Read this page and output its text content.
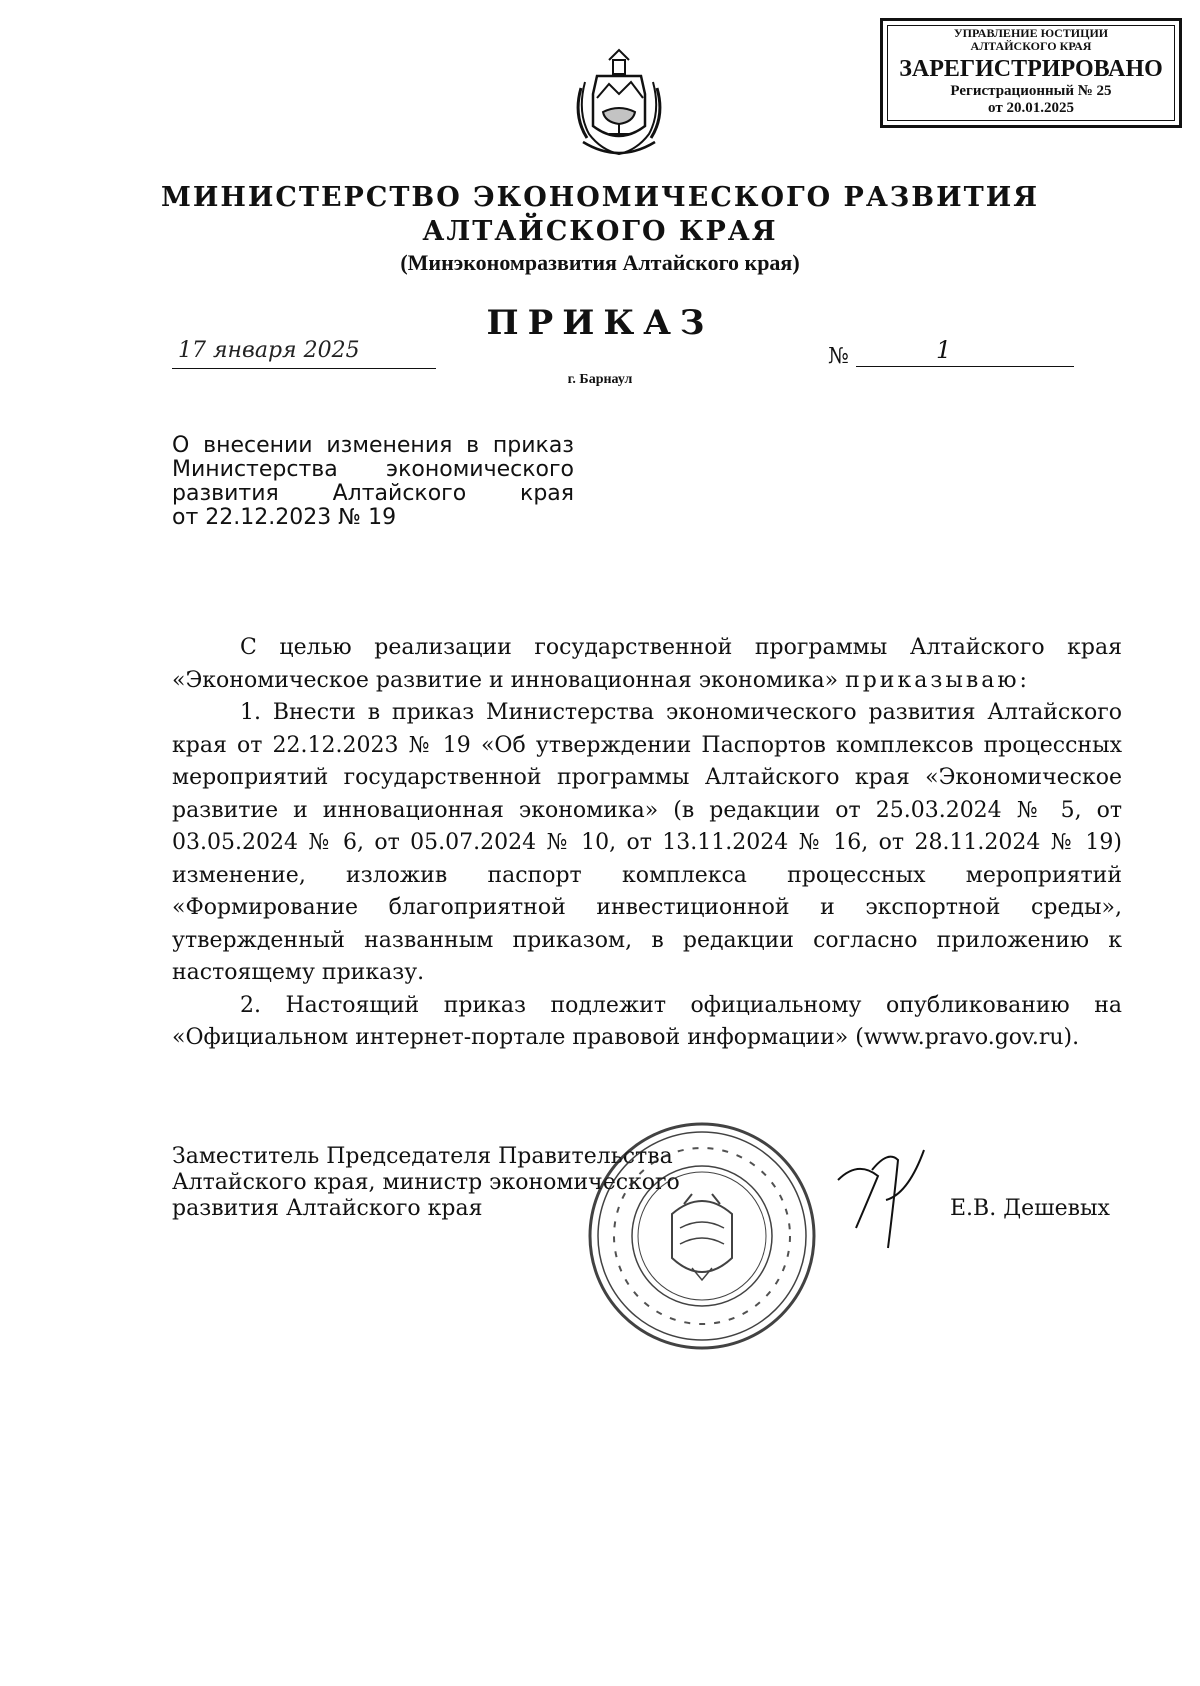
УПРАВЛЕНИЕ ЮСТИЦИИ
АЛТАЙСКОГО КРАЯ
ЗАРЕГИСТРИРОВАНО
Регистрационный № 25
от 20.01.2025
МИНИСТЕРСТВО ЭКОНОМИЧЕСКОГО РАЗВИТИЯ
АЛТАЙСКОГО КРАЯ
(Минэкономразвития Алтайского края)
ПРИКАЗ
17 января 2025	№	1
г. Барнаул
О внесении изменения в приказ
Министерства экономического
развития Алтайского края
от 22.12.2023 № 19

С целью реализации государственной программы Алтайского края «Экономическое развитие и инновационная экономика» приказываю:

1. Внести в приказ Министерства экономического развития Алтайского края от 22.12.2023 № 19 «Об утверждении Паспортов комплексов процессных мероприятий государственной программы Алтайского края «Экономическое развитие и инновационная экономика» (в редакции от 25.03.2024 № 5, от 03.05.2024 № 6, от 05.07.2024 № 10, от 13.11.2024 № 16, от 28.11.2024 № 19) изменение, изложив паспорт комплекса процессных мероприятий «Формирование благоприятной инвестиционной и экспортной среды», утвержденный названным приказом, в редакции согласно приложению к настоящему приказу.

2. Настоящий приказ подлежит официальному опубликованию на «Официальном интернет-портале правовой информации» (www.pravo.gov.ru).

Заместитель Председателя Правительства
Алтайского края, министр экономического
развития Алтайского края	Е.В. Дешевых
